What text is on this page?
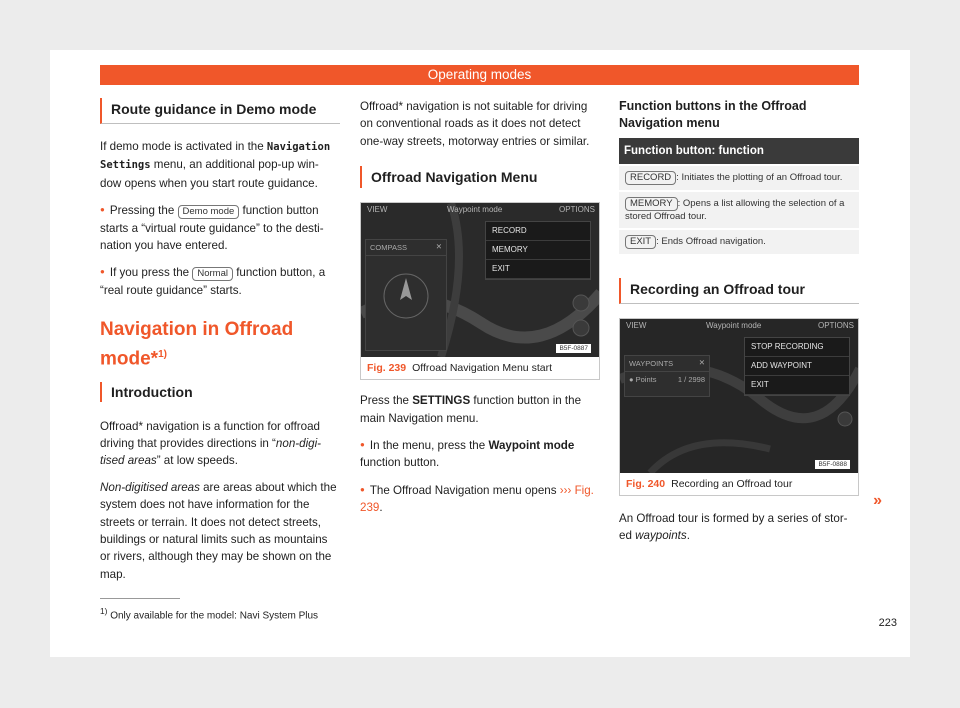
Operating modes
Route guidance in Demo mode

If demo mode is activated in the Navigation Settings menu, an additional pop-up win-dow opens when you start route guidance.

● Pressing the Demo mode function button starts a “virtual route guidance” to the desti-nation you have entered.

● If you press the Normal function button, a “real route guidance” starts.

Navigation in Offroad mode*$^{1)}$
Introduction

Offroad* navigation is a function for offroad driving that provides directions in “non-digi-tised areas” at low speeds.

Non-digitised areas are areas about which the system does not have information for the streets or terrain. It does not detect streets, buildings or natural limits such as mountains or rivers, although they may be shown on the map.

$^{1)}$ Only available for the model: Navi System Plus

Offroad* navigation is not suitable for driving on conventional roads as it does not detect one-way streets, motorway entries or similar.

Offroad Navigation Menu
VIEW	Waypoint mode	OPTIONS
COMPASS	✕
RECORD
MEMORY
EXIT
B5F-0887
Fig. 239 Offroad Navigation Menu start

Press the SETTINGS function button in the main Navigation menu.

● In the menu, press the Waypoint mode function button.

● The Offroad Navigation menu opens ››› Fig. 239.

Function buttons in the Offroad Navigation menu
Function button: function
RECORD : Initiates the plotting of an Offroad tour.
MEMORY : Opens a list allowing the selection of a stored Offroad tour.
EXIT : Ends Offroad navigation.
Recording an Offroad tour
VIEW	Waypoint mode	OPTIONS
WAYPOINTS	✕
● Points	1 / 2998
STOP RECORDING
ADD WAYPOINT
EXIT
B5F-0888
Fig. 240 Recording an Offroad tour

An Offroad tour is formed by a series of stor-ed waypoints.

»
223
